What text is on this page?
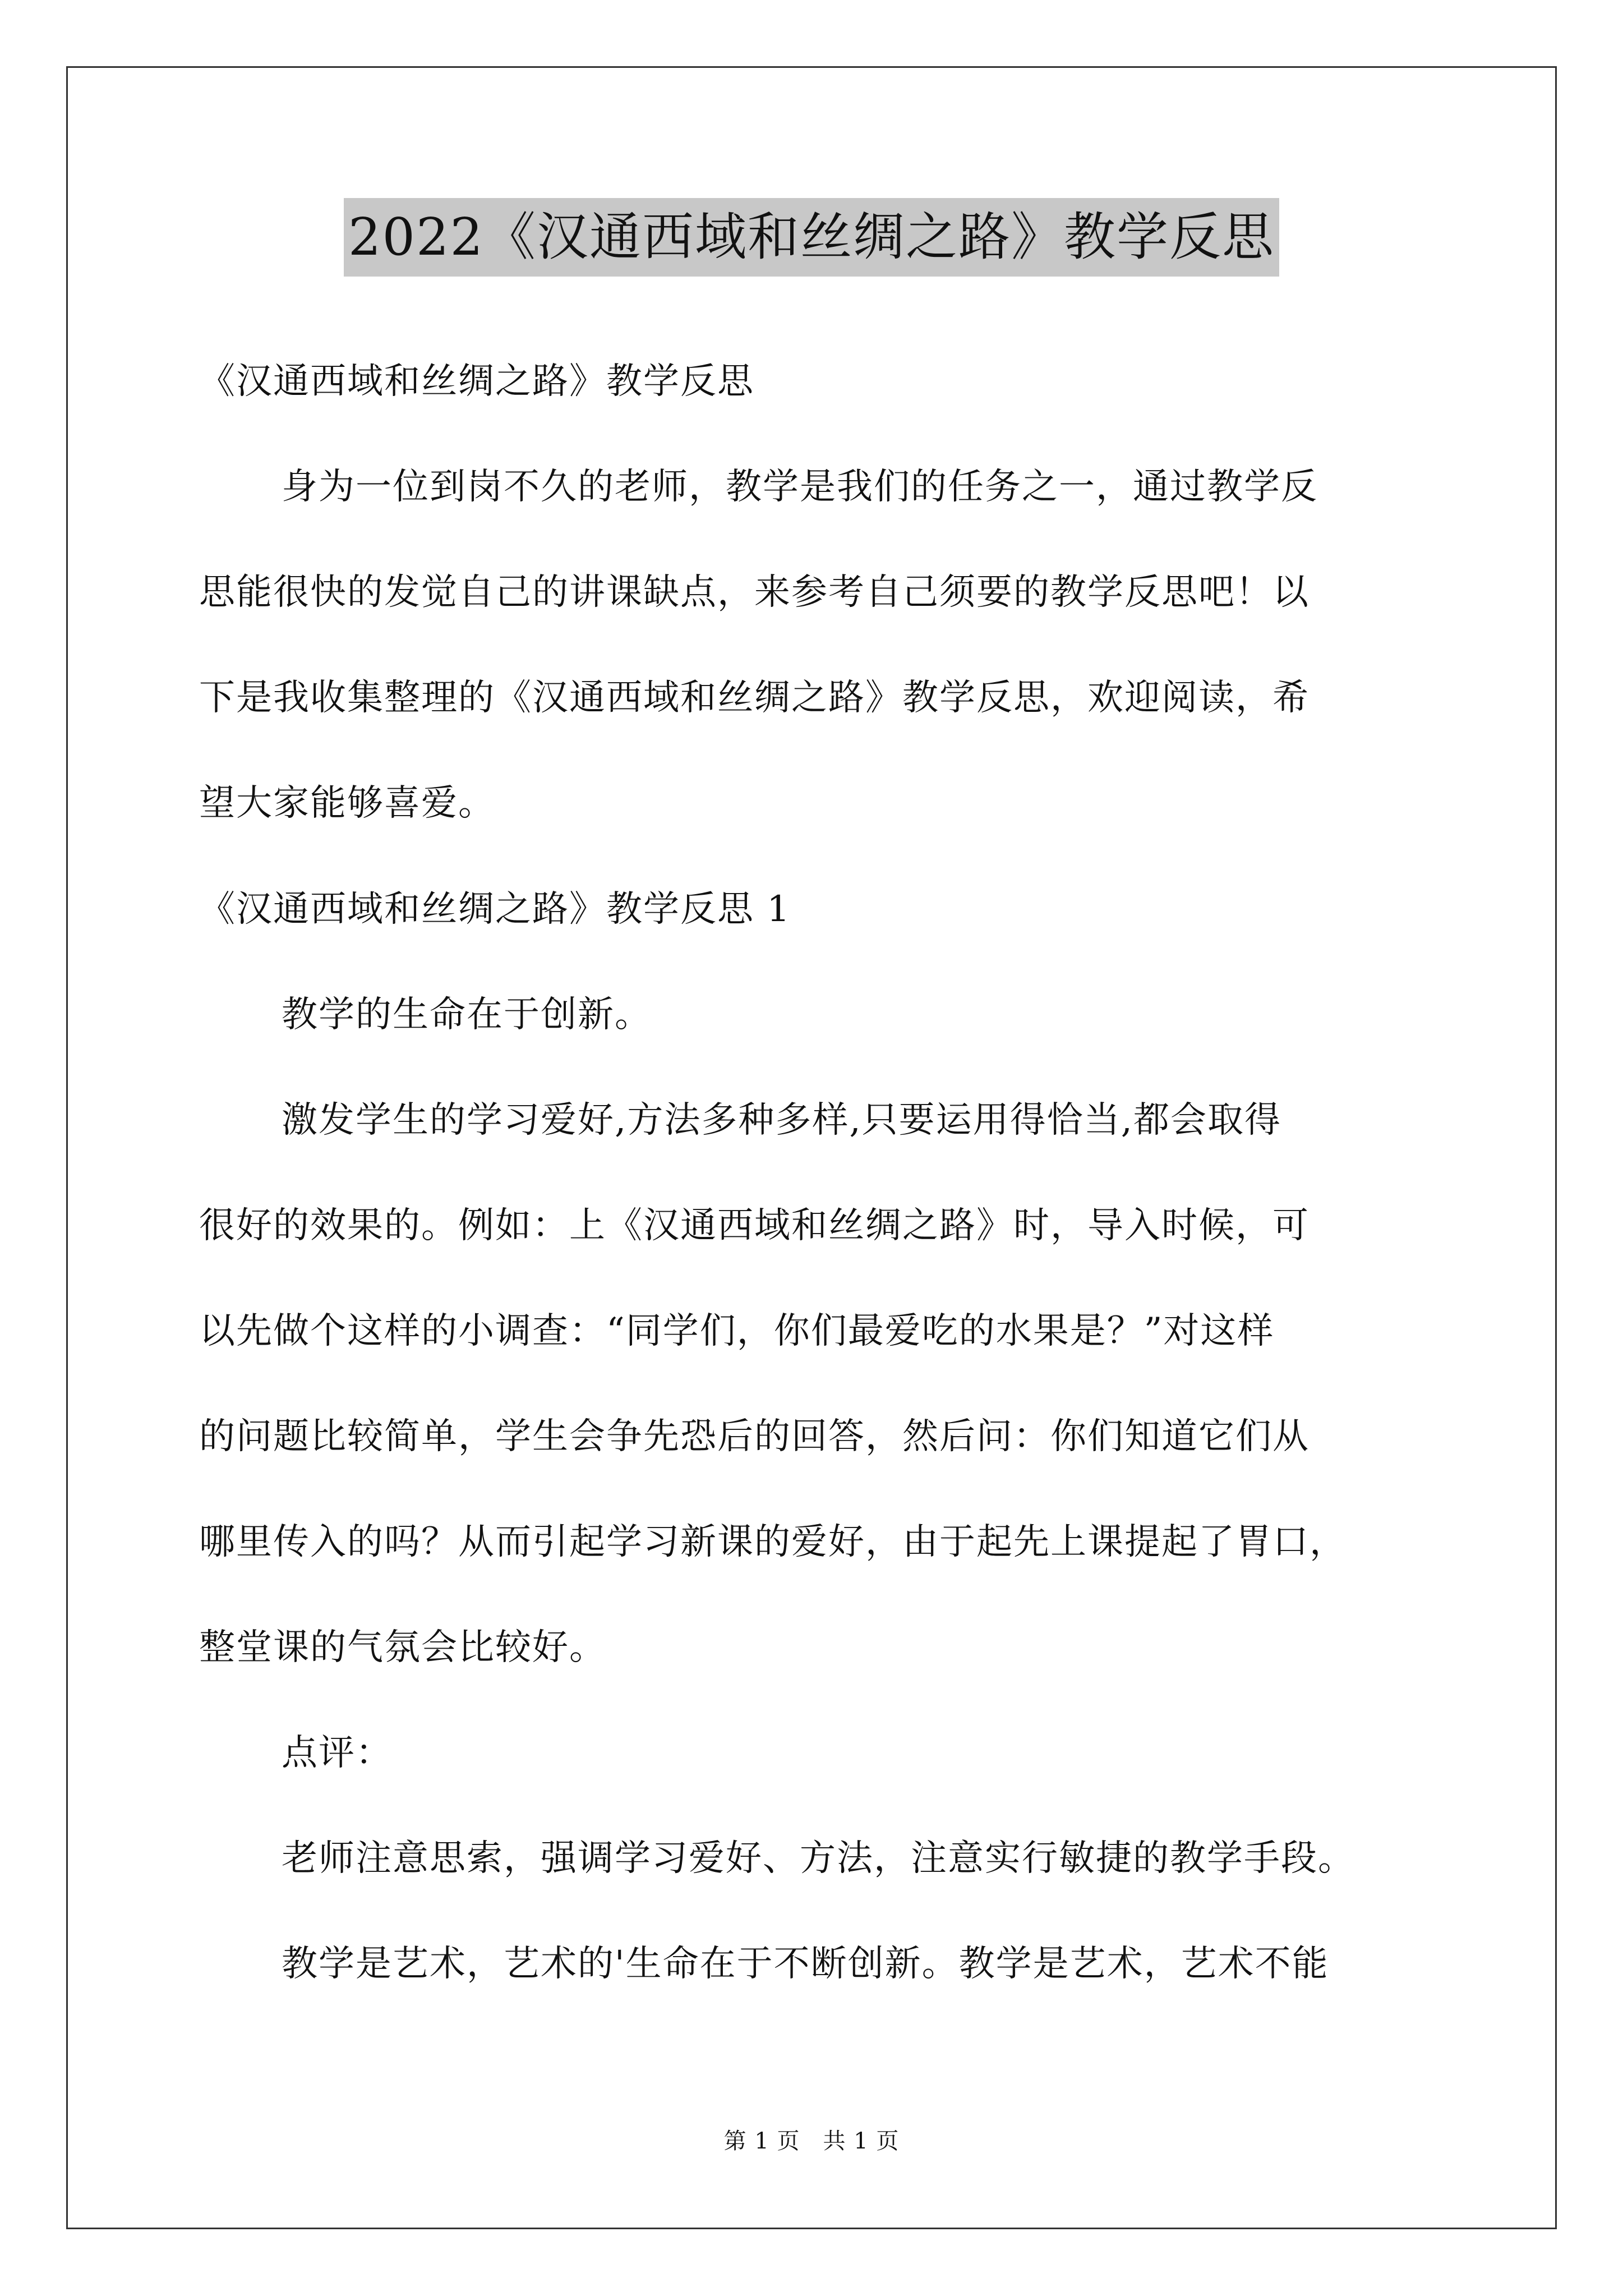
2022《汉通西域和丝绸之路》教学反思
《汉通西域和丝绸之路》教学反思
身为一位到岗不久的老师，教学是我们的任务之一，通过教学反
思能很快的发觉自己的讲课缺点，来参考自己须要的教学反思吧！以
下是我收集整理的《汉通西域和丝绸之路》教学反思，欢迎阅读，希
望大家能够喜爱。
《汉通西域和丝绸之路》教学反思 1
教学的生命在于创新。
激发学生的学习爱好,方法多种多样,只要运用得恰当,都会取得
很好的效果的。例如：上《汉通西域和丝绸之路》时，导入时候，可
以先做个这样的小调查：“同学们，你们最爱吃的水果是？”对这样
的问题比较简单，学生会争先恐后的回答，然后问：你们知道它们从
哪里传入的吗？从而引起学习新课的爱好，由于起先上课提起了胃口，
整堂课的气氛会比较好。
点评：
老师注意思索，强调学习爱好、方法，注意实行敏捷的教学手段。
教学是艺术，艺术的'生命在于不断创新。教学是艺术，艺术不能
第 1 页　共 1 页
